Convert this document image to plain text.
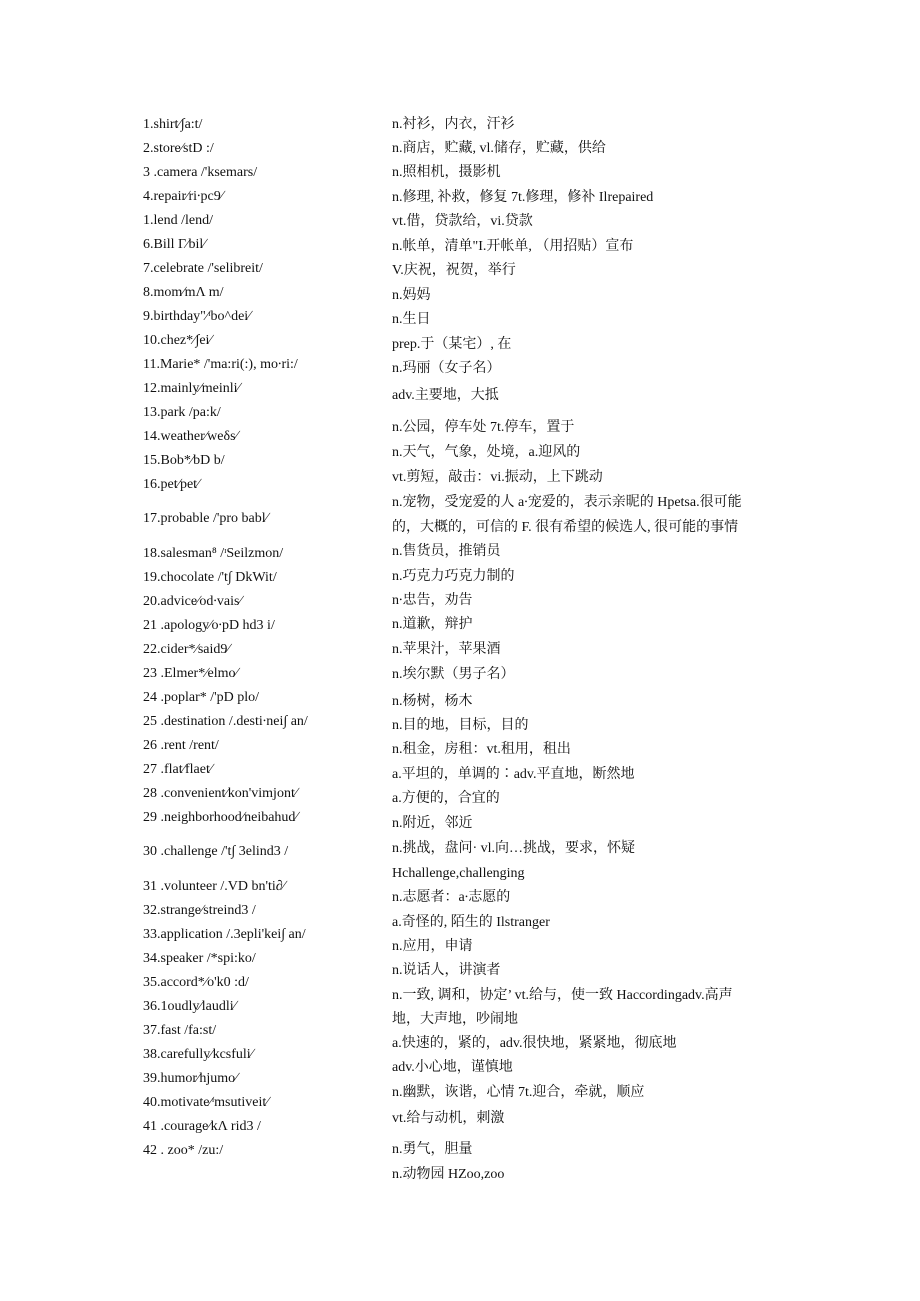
1.shirt∕∫a:t/
2.store∕stD :/
3 .camera /'ksemars/
4.repair∕ri∙pc9∕
1.lend /lend/
6.Bill Γ∕bil∕
7.celebrate /'selibreit/
8.mom∕mΛ m/
9.birthday"∕ᶦbo^dei∕
10.chez*∕∫ei∕
11.Marie* /'ma:ri(:), mo∙ri:/
12.mainly∕meinli∕
13.park /pa:k/
14.weather∕weδs∕
15.Bob*∕bD b/
16.pet∕pet∕
17.probable /'pro babl∕
18.salesman⁸ /ᶦSeilzmon/
19.chocolate /'t∫ DkWit/
20.advice∕od∙vais∕
21 .apology∕o∙pD hd3 i/
22.cider*∕said9∕
23 .Elmer*∕elmo∕
24 .poplar* /'pD plo/
25 .destination /.desti∙nei∫ an/
26 .rent /rent/
27 .flat∕flaet∕
28 .convenient∕kon'vimjont∕
29 .neighborhood∕neibahud∕
30 .challenge /'t∫ 3elind3 /
31 .volunteer /.VD bn'ti∂∕
32.strange∕streind3 /
33.application /.3epli'kei∫ an/
34.speaker /*spi:ko/
35.accord*∕o'k0 :d/
36.1oudly∕laudli∕
37.fast /fa:st/
38.carefully∕kcsfuli∕
39.humor∕hjumo∕
40.motivate∕ᶦmsutiveit∕
41 .courage∕kΛ rid3 /
42 . zoo* /zu:/
n.衬衫，内衣，汗衫
n.商店，贮藏, vl.储存，贮藏，供给
n.照相机，摄影机
n.修理, 补救，修复 7t.修理，修补 Ilrepaired
vt.借，贷款给，vi.贷款
n.帐单，清单"I.开帐单, （用招贴）宣布
V.庆祝，祝贺，举行
n.妈妈
n.生日
prep.于（某宅）, 在
n.玛丽（女子名）
adv.主要地，大抵
n.公园，停车处 7t.停车，置于
n.天气，气象，处境，a.迎风的
vt.剪短，敲击：vi.振动，上下跳动
n.宠物，受宠爱的人 a∙宠爱的，表示亲昵的 Hpetsa.很可能
的，大概的，可信的 F. 很有希望的候选人, 很可能的事情
n.售货员，推销员
n.巧克力巧克力制的
n∙忠告，劝告
n.道歉，辩护
n.苹果汁，苹果酒
n.埃尔默（男子名）
n.杨树，杨木
n.目的地，目标，目的
n.租金，房租：vt.租用，租出
a.平坦的，单调的∶adv.平直地，断然地
a.方便的，合宜的
n.附近，邻近
n.挑战，盘问· vl.向…挑战，要求，怀疑
Hchallenge,challenging
n.志愿者：a∙志愿的
a.奇怪的, 陌生的 Ilstranger
n.应用，申请
n.说话人，讲演者
n.一致, 调和，协定’ vt.给与，使一致 Haccordingadv.高声
地，大声地，吵闹地
a.快速的，紧的，adv.很快地，紧紧地，彻底地
adv.小心地，谨慎地
n.幽默，诙谐，心情 7t.迎合，牵就，顺应
vt.给与动机，刺激
n.勇气，胆量
n.动物园 HZoo,zoo
